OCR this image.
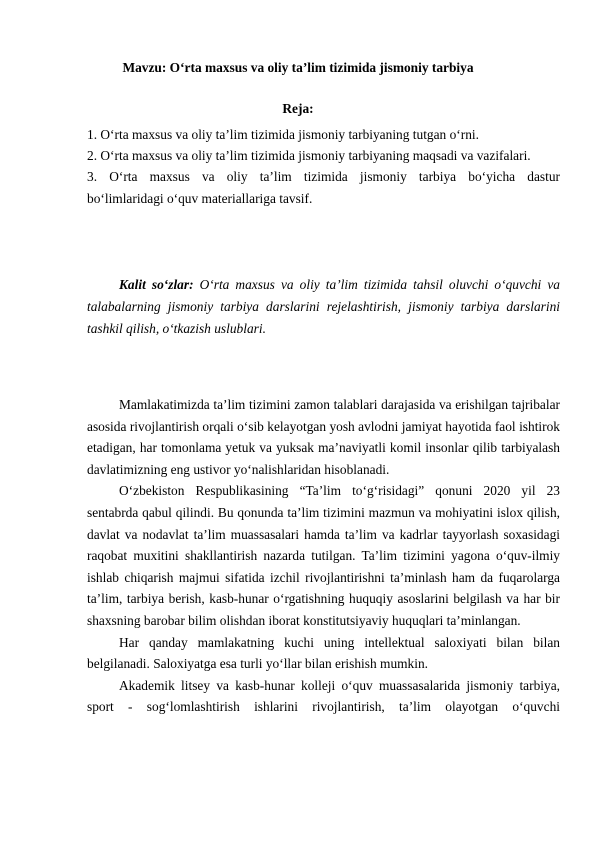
Mavzu: O‘rta maxsus va oliy ta’lim tizimida jismoniy tarbiya
Reja:
1. O‘rta maxsus va oliy ta’lim tizimida jismoniy tarbiyaning tutgan o‘rni.
2. O‘rta maxsus va oliy ta’lim tizimida jismoniy tarbiyaning maqsadi va vazifalari.
3. O‘rta maxsus va oliy ta’lim tizimida jismoniy tarbiya bo‘yicha dastur
bo‘limlaridagi o‘quv materiallariga tavsif.

Kalit so‘zlar: O‘rta maxsus va oliy ta’lim tizimida tahsil oluvchi o‘quvchi va talabalarning jismoniy tarbiya darslarini rejelashtirish, jismoniy tarbiya darslarini tashkil qilish, o‘tkazish uslublari.

Mamlakatimizda ta’lim tizimini zamon talablari darajasida va erishilgan tajribalar asosida rivojlantirish orqali o‘sib kelayotgan yosh avlodni jamiyat hayotida faol ishtirok etadigan, har tomonlama yetuk va yuksak ma’naviyatli komil insonlar qilib tarbiyalash davlatimizning eng ustivor yo‘nalishlaridan hisoblanadi.

O‘zbekiston Respublikasining “Ta’lim to‘g‘risidagi” qonuni 2020 yil 23 sentabrda qabul qilindi. Bu qonunda ta’lim tizimini mazmun va mohiyatini islox qilish, davlat va nodavlat ta’lim muassasalari hamda ta’lim va kadrlar tayyorlash soxasidagi raqobat muxitini shakllantirish nazarda tutilgan. Ta’lim tizimini yagona o‘quv-ilmiy ishlab chiqarish majmui sifatida izchil rivojlantirishni ta’minlash ham da fuqarolarga ta’lim, tarbiya berish, kasb-hunar o‘rgatishning huquqiy asoslarini belgilash va har bir shaxsning barobar bilim olishdan iborat konstitutsiyaviy huquqlari ta’minlangan.

Har qanday mamlakatning kuchi uning intellektual saloxiyati bilan bilan belgilanadi. Saloxiyatga esa turli yo‘llar bilan erishish mumkin.

Akademik litsey va kasb-hunar kolleji o‘quv muassasalarida jismoniy tarbiya, sport - sog‘lomlashtirish ishlarini rivojlantirish, ta’lim olayotgan o‘quvchi
